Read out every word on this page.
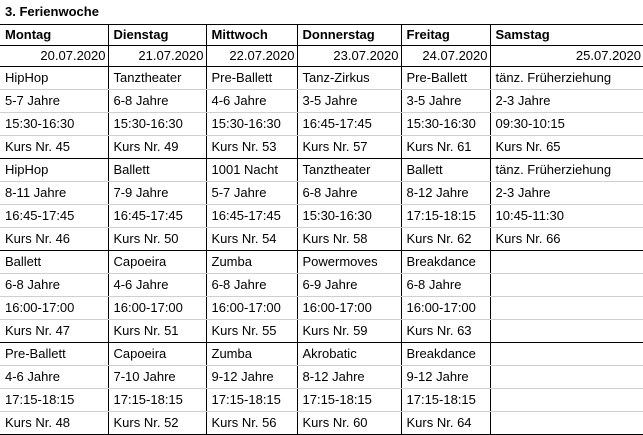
3. Ferienwoche
Montag	Dienstag	Mittwoch	Donnerstag	Freitag	Samstag
20.07.2020	21.07.2020	22.07.2020	23.07.2020	24.07.2020	25.07.2020
HipHop	Tanztheater	Pre-Ballett	Tanz-Zirkus	Pre-Ballett	tänz. Früherziehung
5-7 Jahre	6-8 Jahre	4-6 Jahre	3-5 Jahre	3-5 Jahre	2-3 Jahre
15:30-16:30	15:30-16:30	15:30-16:30	16:45-17:45	15:30-16:30	09:30-10:15
Kurs Nr. 45	Kurs Nr. 49	Kurs Nr. 53	Kurs Nr. 57	Kurs Nr. 61	Kurs Nr. 65
HipHop	Ballett	1001 Nacht	Tanztheater	Ballett	tänz. Früherziehung
8-11 Jahre	7-9 Jahre	5-7 Jahre	6-8 Jahre	8-12 Jahre	2-3 Jahre
16:45-17:45	16:45-17:45	16:45-17:45	15:30-16:30	17:15-18:15	10:45-11:30
Kurs Nr. 46	Kurs Nr. 50	Kurs Nr. 54	Kurs Nr. 58	Kurs Nr. 62	Kurs Nr. 66
Ballett	Capoeira	Zumba	Powermoves	Breakdance	
6-8 Jahre	4-6 Jahre	6-8 Jahre	6-9 Jahre	6-8 Jahre	
16:00-17:00	16:00-17:00	16:00-17:00	16:00-17:00	16:00-17:00	
Kurs Nr. 47	Kurs Nr. 51	Kurs Nr. 55	Kurs Nr. 59	Kurs Nr. 63	
Pre-Ballett	Capoeira	Zumba	Akrobatic	Breakdance	
4-6 Jahre	7-10 Jahre	9-12 Jahre	8-12 Jahre	9-12 Jahre	
17:15-18:15	17:15-18:15	17:15-18:15	17:15-18:15	17:15-18:15	
Kurs Nr. 48	Kurs Nr. 52	Kurs Nr. 56	Kurs Nr. 60	Kurs Nr. 64	
